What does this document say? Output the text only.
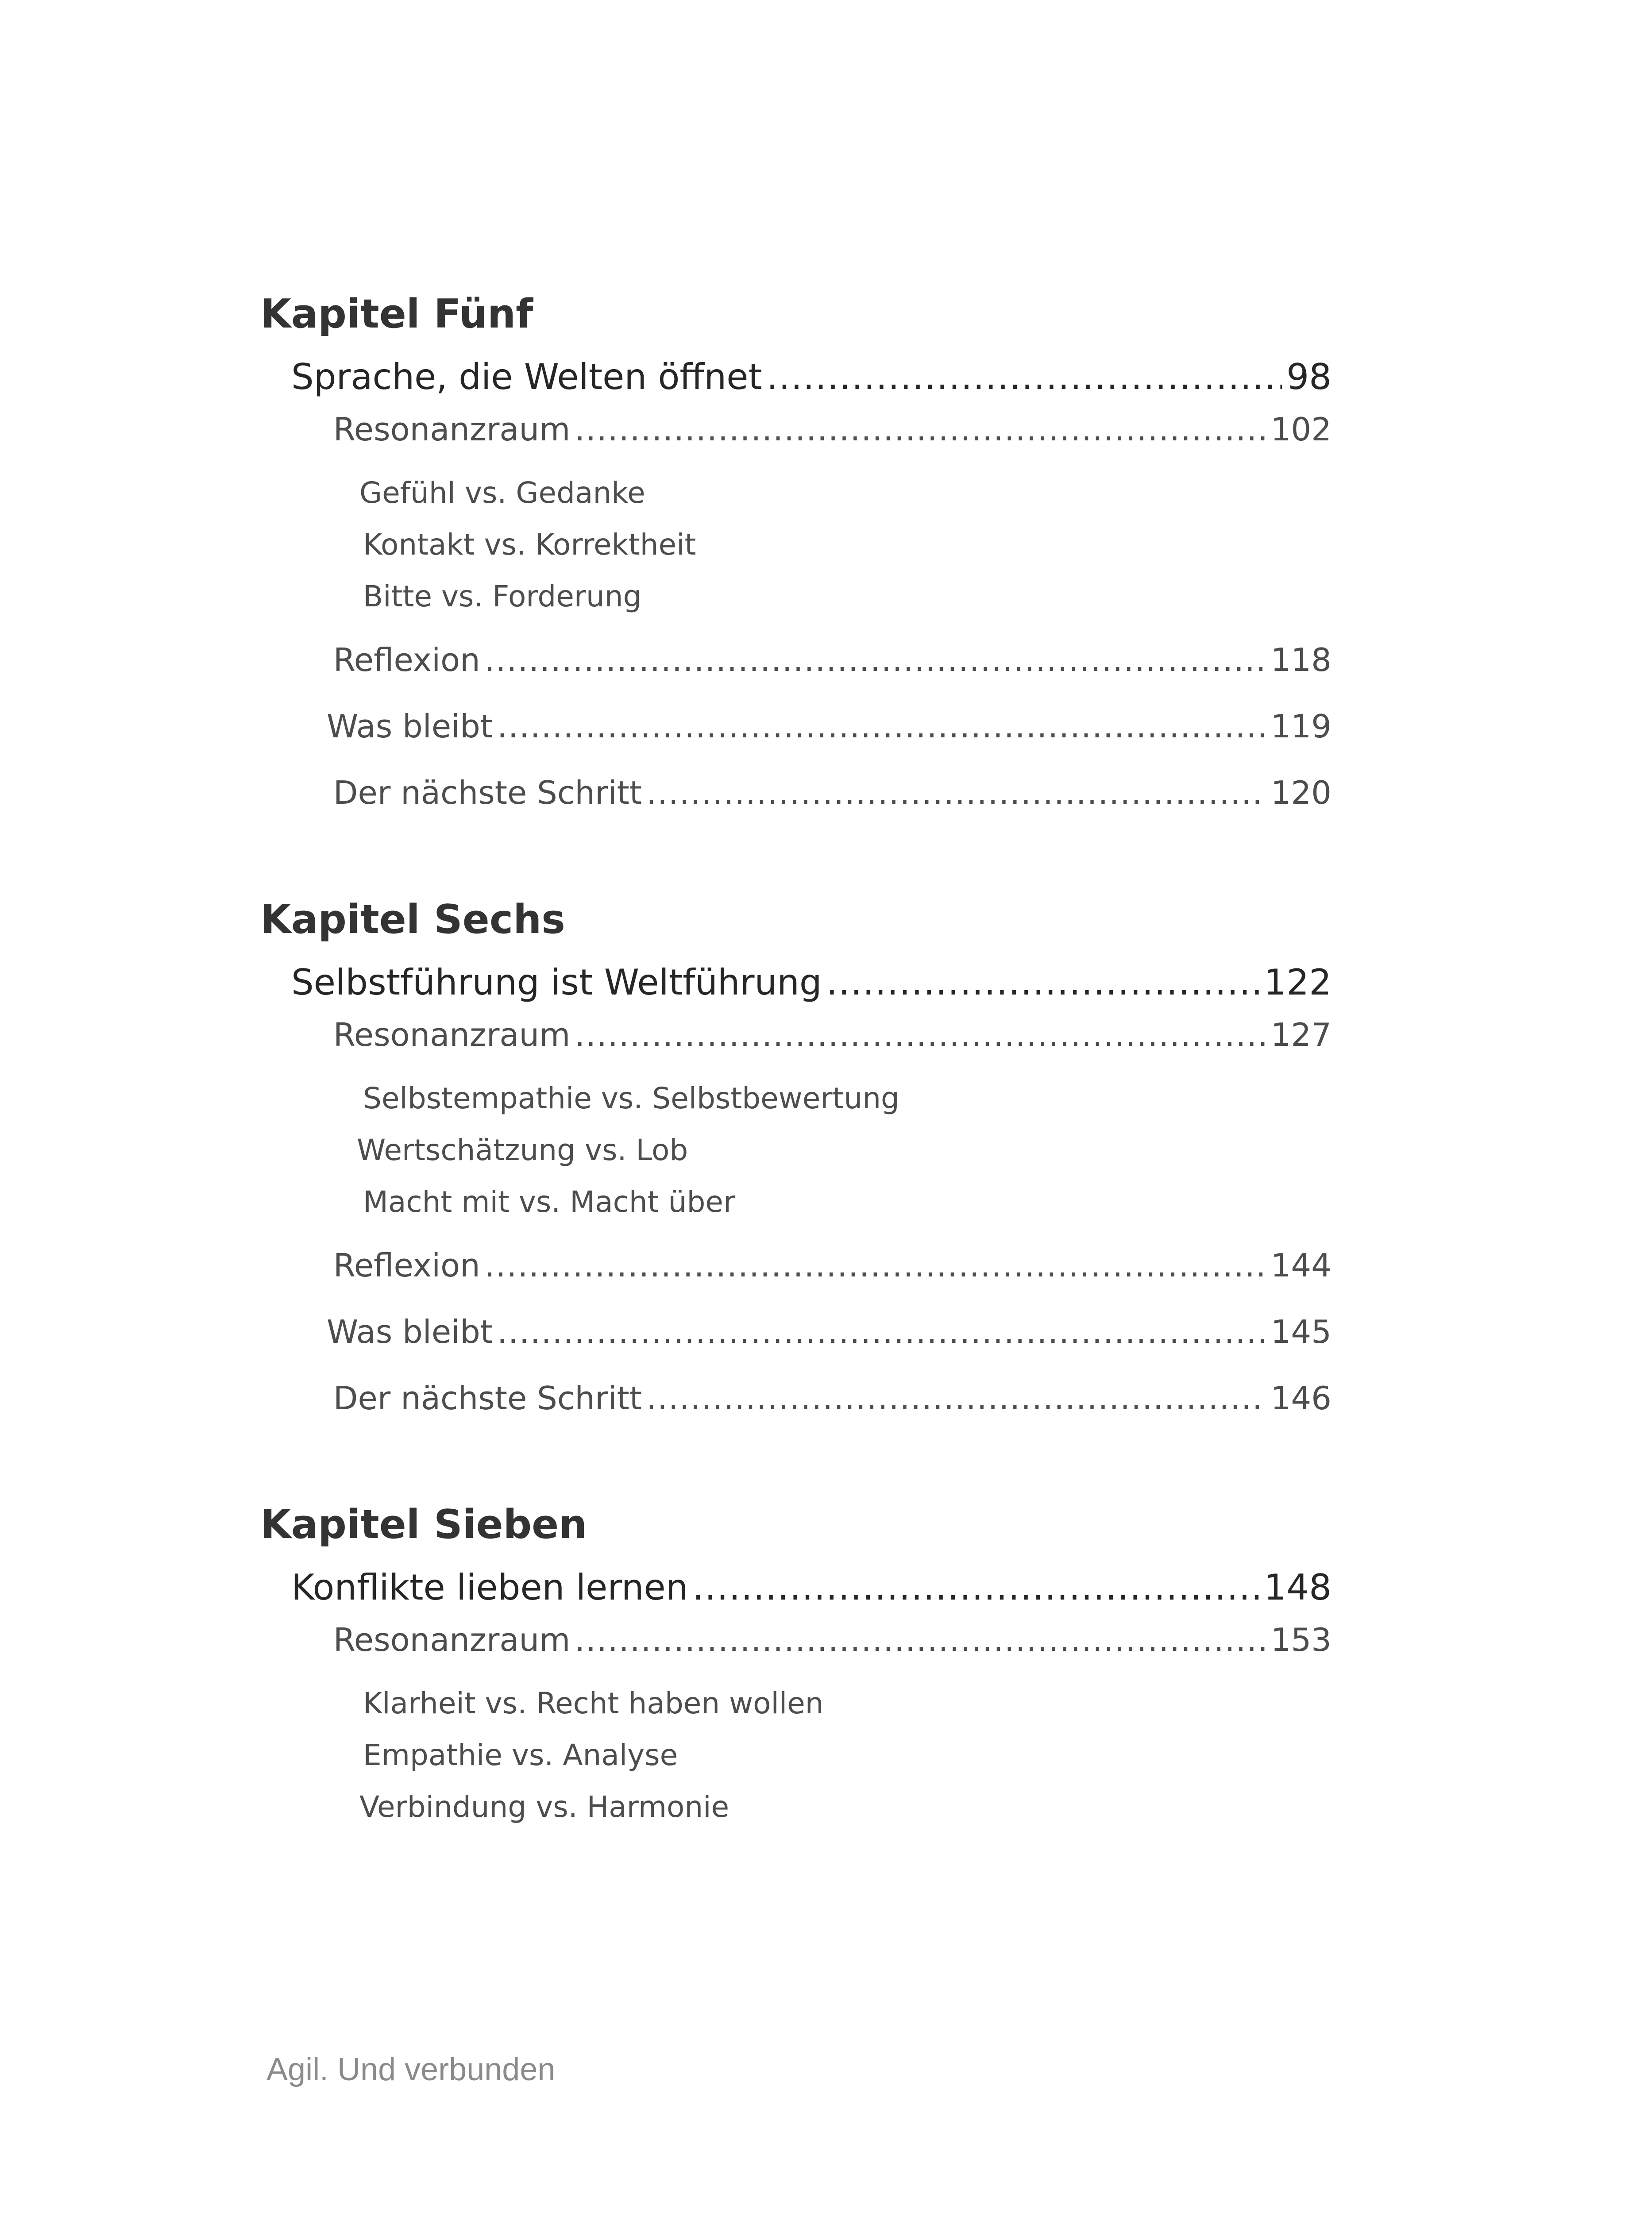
Kapitel Fünf
Sprache, die Welten öffnet .....	98
Resonanzraum .....	102
Gefühl vs. Gedanke
Kontakt vs. Korrektheit
Bitte vs. Forderung
Reflexion .....	118
Was bleibt .....	119
Der nächste Schritt .....	120
Kapitel Sechs
Selbstführung ist Weltführung .....	122
Resonanzraum .....	127
Selbstempathie vs. Selbstbewertung
Wertschätzung vs. Lob
Macht mit vs. Macht über
Reflexion .....	144
Was bleibt .....	145
Der nächste Schritt .....	146
Kapitel Sieben
Konflikte lieben lernen .....	148
Resonanzraum .....	153
Klarheit vs. Recht haben wollen
Empathie vs. Analyse
Verbindung vs. Harmonie
Agil. Und verbunden
